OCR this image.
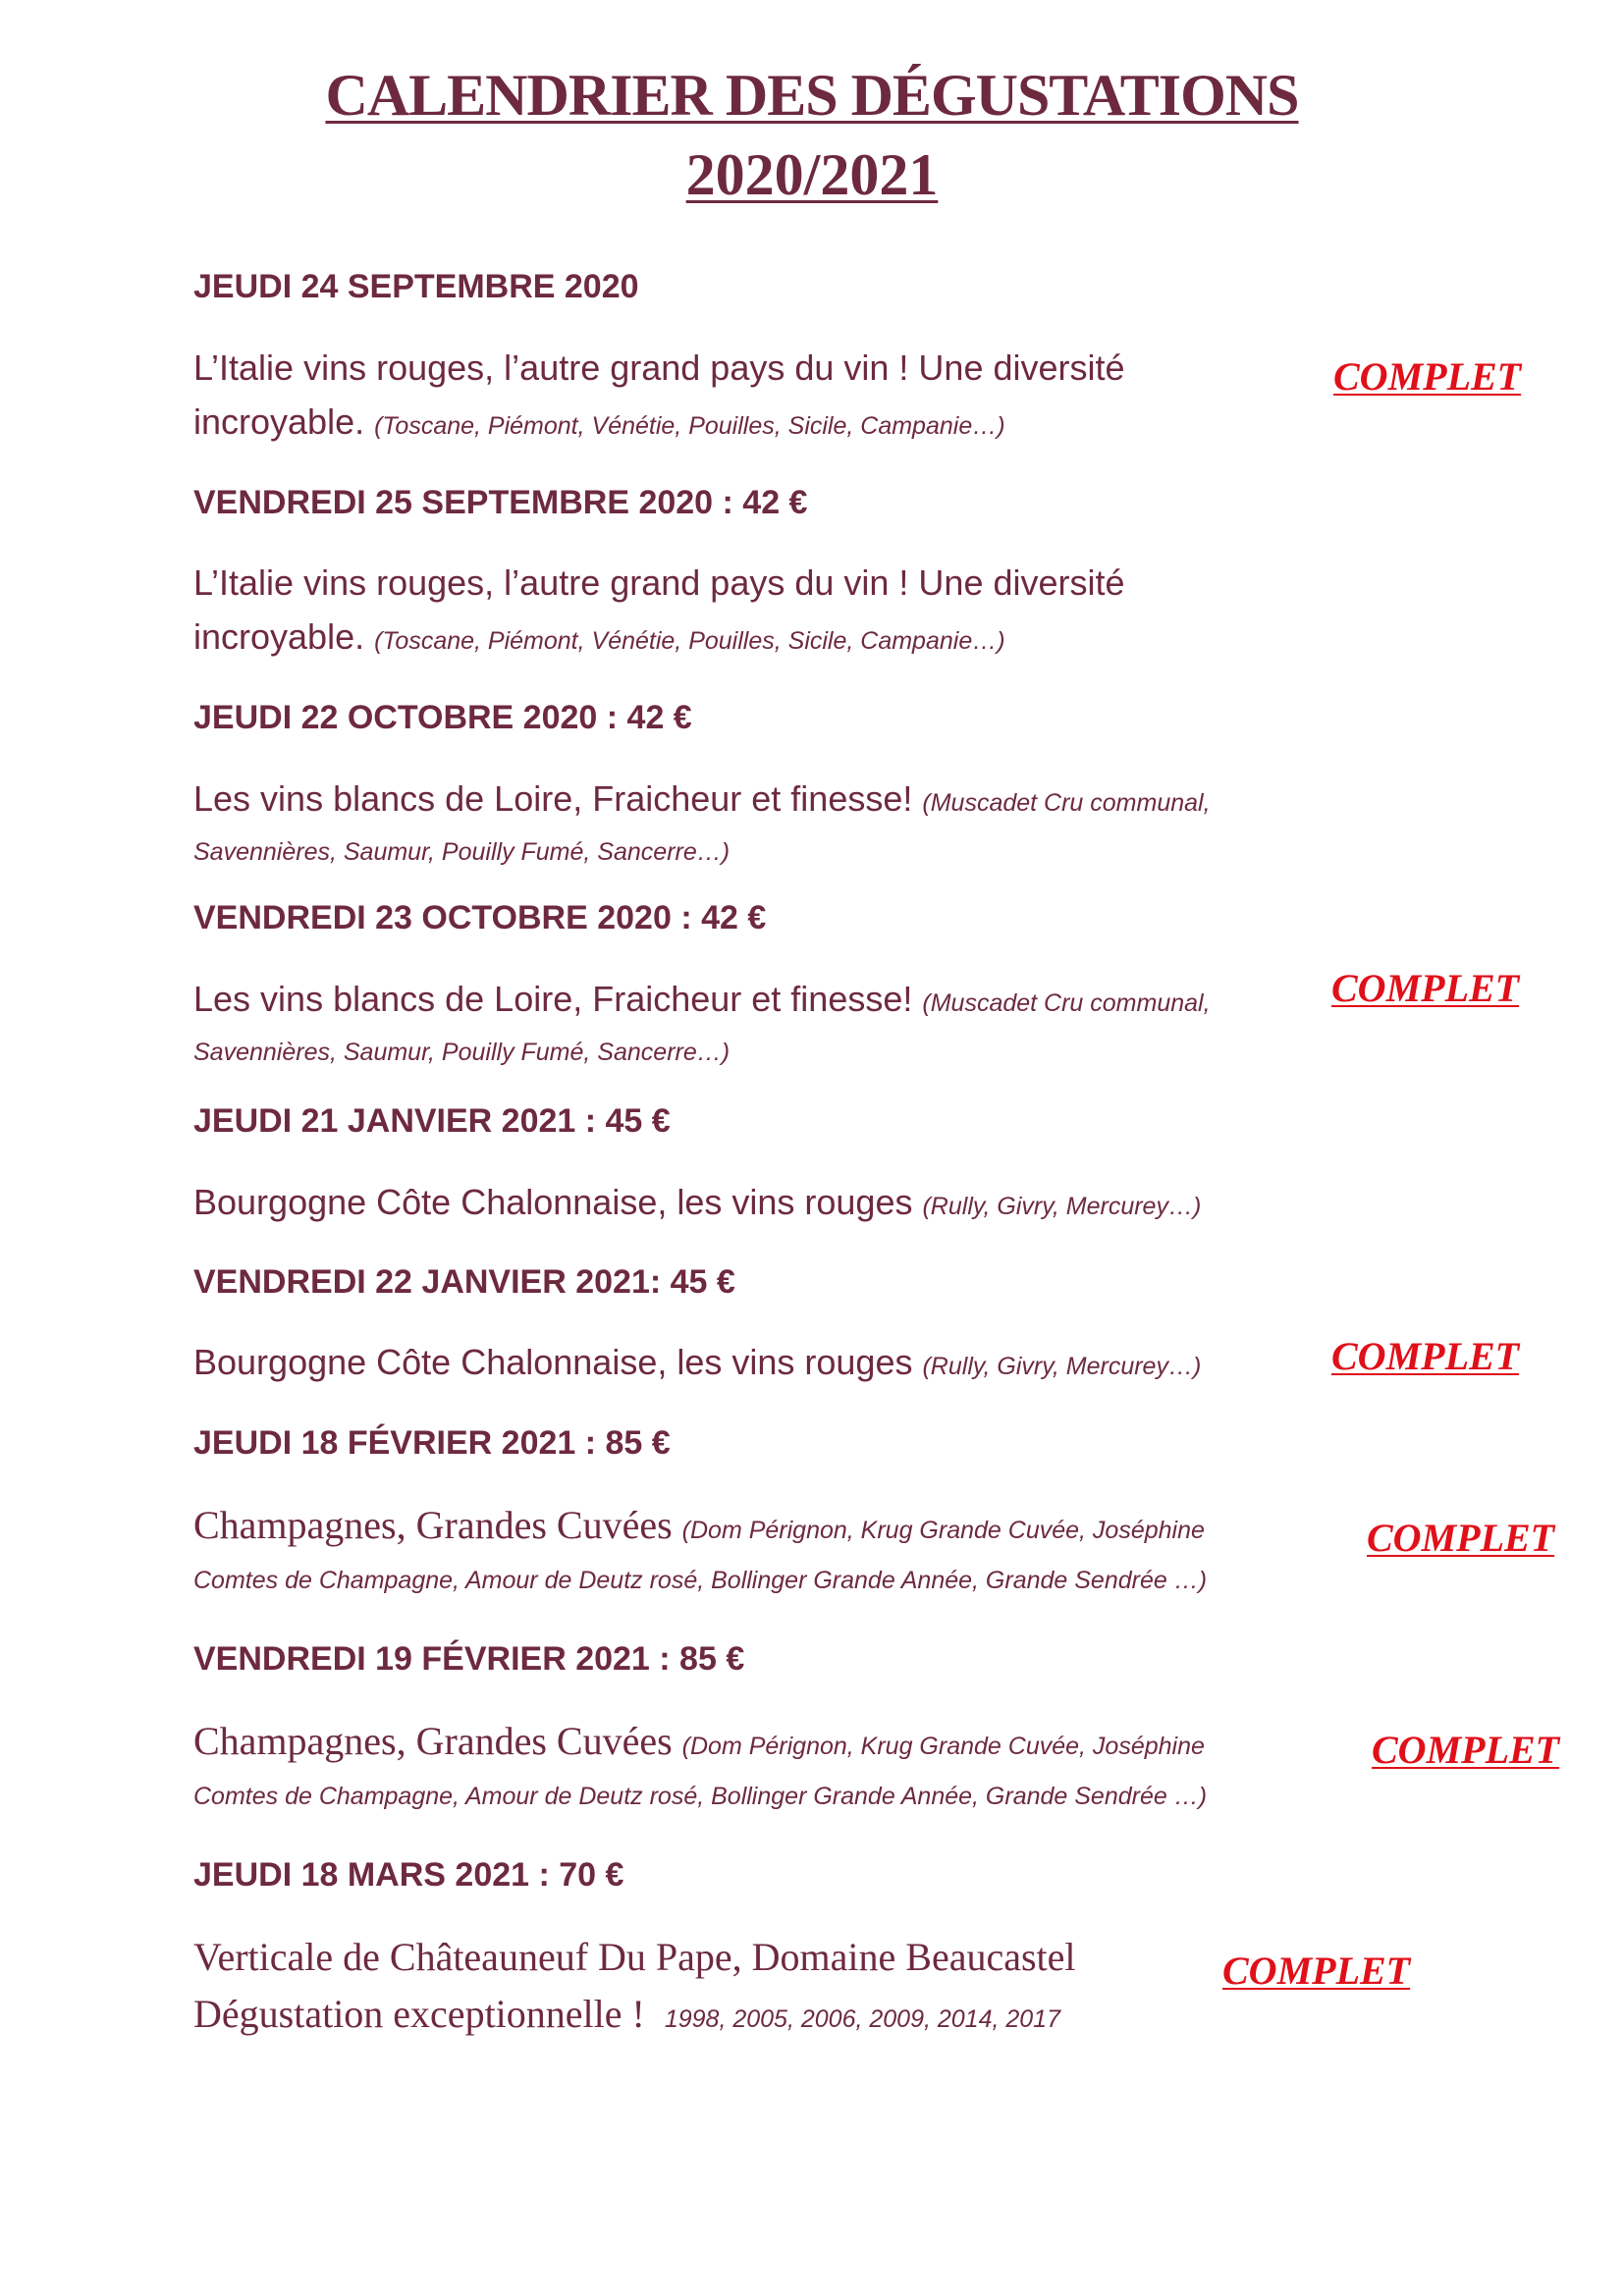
CALENDRIER DES DÉGUSTATIONS
2020/2021
JEUDI 24 SEPTEMBRE 2020
L’Italie vins rouges, l’autre grand pays du vin ! Une diversité
incroyable. (Toscane, Piémont, Vénétie, Pouilles, Sicile, Campanie…)
COMPLET
VENDREDI 25 SEPTEMBRE 2020 : 42 €
L’Italie vins rouges, l’autre grand pays du vin ! Une diversité
incroyable. (Toscane, Piémont, Vénétie, Pouilles, Sicile, Campanie…)
JEUDI 22 OCTOBRE 2020 : 42 €
Les vins blancs de Loire, Fraicheur et finesse! (Muscadet Cru communal,
Savennières, Saumur, Pouilly Fumé, Sancerre…)
VENDREDI 23 OCTOBRE 2020 : 42 €
Les vins blancs de Loire, Fraicheur et finesse! (Muscadet Cru communal,
Savennières, Saumur, Pouilly Fumé, Sancerre…)
COMPLET
JEUDI 21 JANVIER 2021 : 45 €
Bourgogne Côte Chalonnaise, les vins rouges (Rully, Givry, Mercurey…)
VENDREDI 22 JANVIER 2021: 45 €
Bourgogne Côte Chalonnaise, les vins rouges (Rully, Givry, Mercurey…)	COMPLET
JEUDI 18 FÉVRIER 2021 : 85 €
Champagnes, Grandes Cuvées (Dom Pérignon, Krug Grande Cuvée, Joséphine
Comtes de Champagne, Amour de Deutz rosé, Bollinger Grande Année, Grande Sendrée …)
COMPLET
VENDREDI 19 FÉVRIER 2021 : 85 €
Champagnes, Grandes Cuvées (Dom Pérignon, Krug Grande Cuvée, Joséphine
Comtes de Champagne, Amour de Deutz rosé, Bollinger Grande Année, Grande Sendrée …)
COMPLET
JEUDI 18 MARS 2021 : 70 €
Verticale de Châteauneuf Du Pape, Domaine Beaucastel
Dégustation exceptionnelle ! 1998, 2005, 2006, 2009, 2014, 2017
COMPLET
